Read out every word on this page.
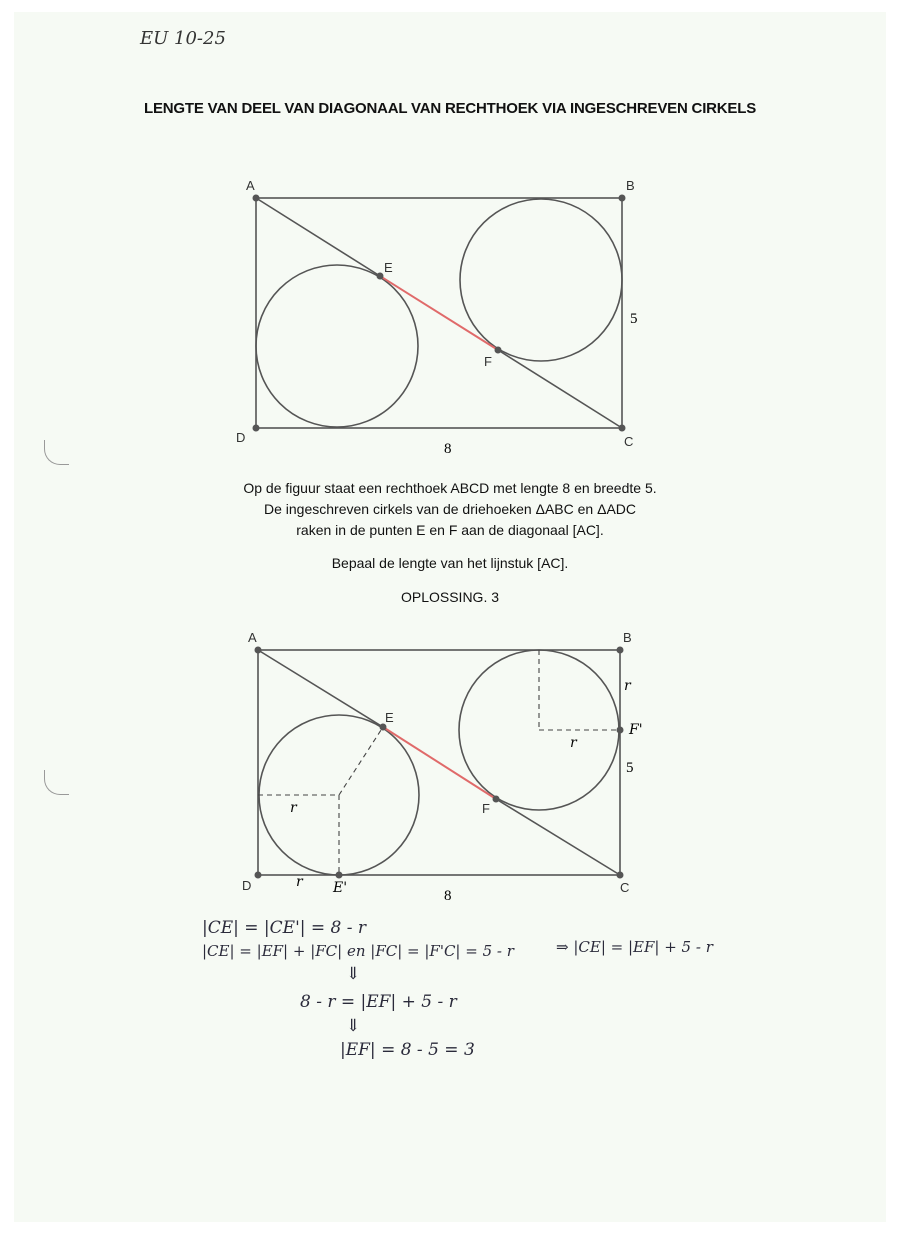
EU 10-25
LENGTE VAN DEEL VAN DIAGONAAL VAN RECHTHOEK VIA INGESCHREVEN CIRKELS
A	B
C
D
E
F
8
5
Op de figuur staat een rechthoek ABCD met lengte 8 en breedte 5.
De ingeschreven cirkels van de driehoeken ΔABC en ΔADC
raken in de punten E en F aan de diagonaal [AC].
Bepaal de lengte van het lijnstuk [AC].
OPLOSSING. 3
A	B
C
D
E
F
E'
F'
8
5
r
r
r
r
|CE| = |CE'| = 8 - r
|CE| = |EF| + |FC| en |FC| = |F'C| = 5 - r	⇒ |CE| = |EF| + 5 - r
⇓
8 - r = |EF| + 5 - r
⇓
|EF| = 8 - 5 = 3
